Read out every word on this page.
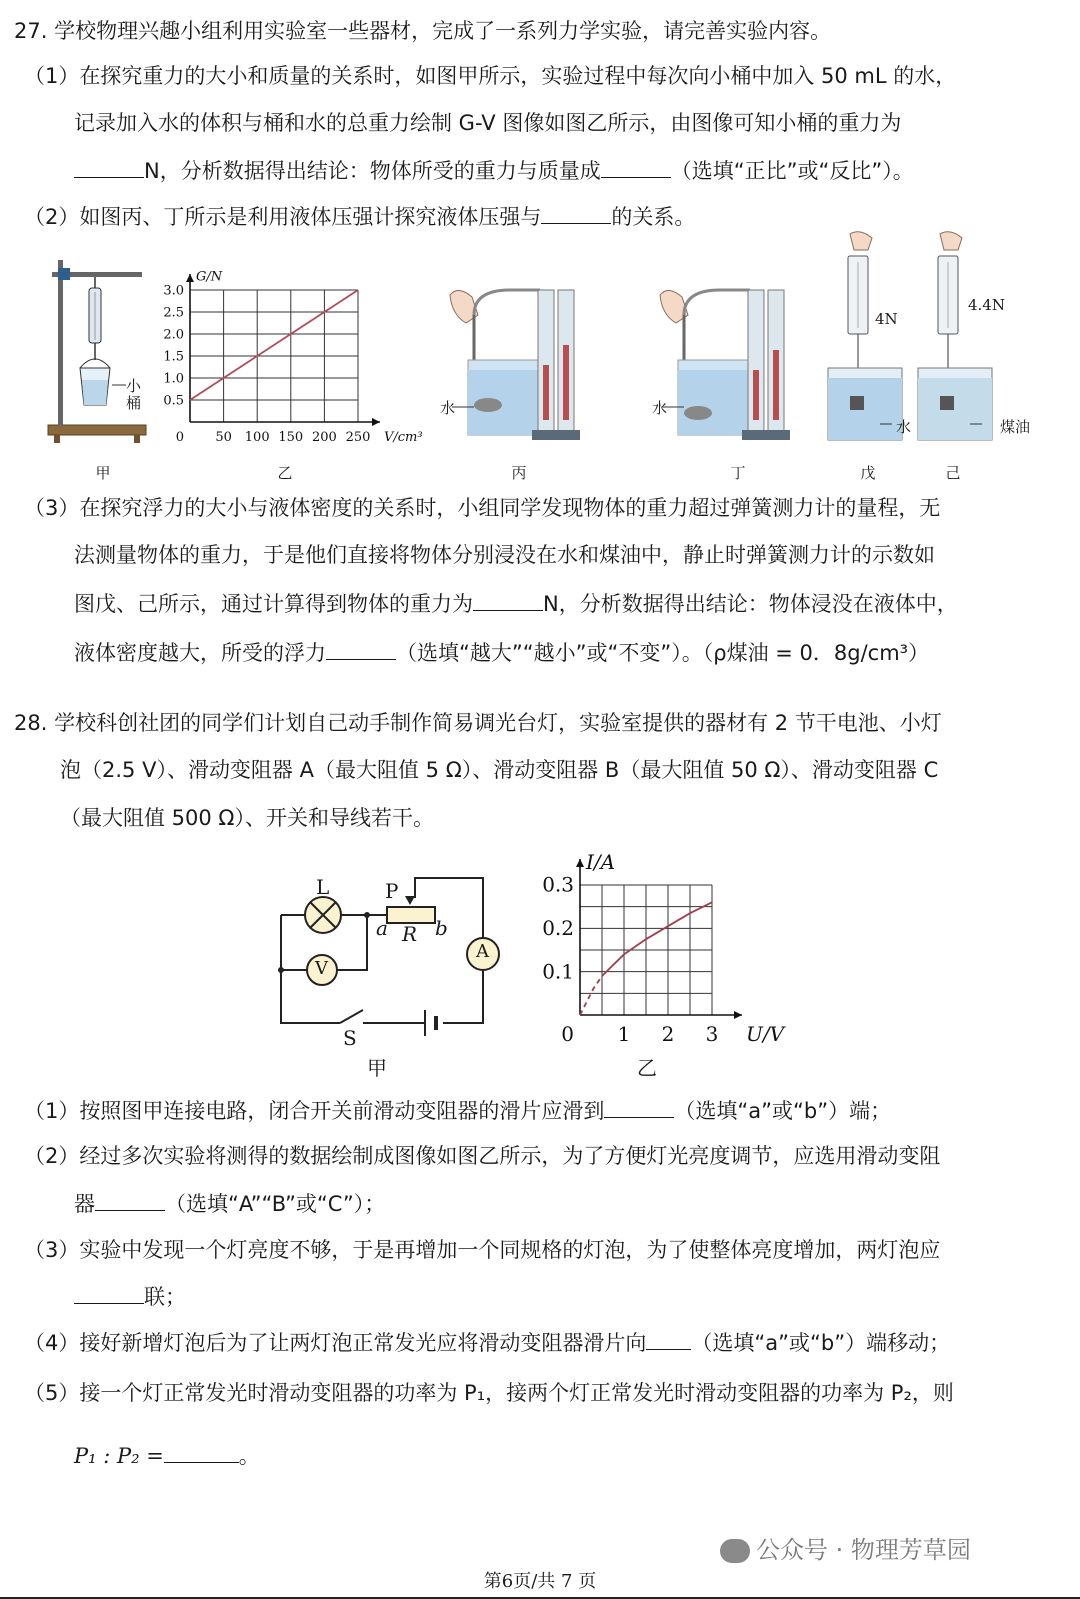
27. 学校物理兴趣小组利用实验室一些器材，完成了一系列力学实验，请完善实验内容。
（1）在探究重力的大小和质量的关系时，如图甲所示，实验过程中每次向小桶中加入 50 mL 的水，
记录加入水的体积与桶和水的总重力绘制 G-V 图像如图乙所示，由图像可知小桶的重力为
N，分析数据得出结论：物体所受的重力与质量成	（选填“正比”或“反比”）。
（2）如图丙、丁所示是利用液体压强计探究液体压强与	的关系。
小桶
甲
50 100 150 200 250
0.5
1.0
1.5
2.0
2.5
3.0
0	V/cm³
G/N
乙
水
丙
水
丁
4N
水
戊
4.4N
煤油
己
（3）在探究浮力的大小与液体密度的关系时，小组同学发现物体的重力超过弹簧测力计的量程，无
法测量物体的重力，于是他们直接将物体分别浸没在水和煤油中，静止时弹簧测力计的示数如
图戊、己所示，通过计算得到物体的重力为	N，分析数据得出结论：物体浸没在液体中，
液体密度越大，所受的浮力	（选填“越大”“越小”或“不变”）。（ρ煤油 = 0．8g/cm³）
28. 学校科创社团的同学们计划自己动手制作简易调光台灯，实验室提供的器材有 2 节干电池、小灯
泡（2.5 V）、滑动变阻器 A（最大阻值 5 Ω）、滑动变阻器 B（最大阻值 50 Ω）、滑动变阻器 C
（最大阻值 500 Ω）、开关和导线若干。
L	P
a R b
A
V
S
甲
1 2 3
0.1
0.2
0.3
0	U/V
I/A
乙
（1）按照图甲连接电路，闭合开关前滑动变阻器的滑片应滑到	（选填“a”或“b”）端；
（2）经过多次实验将测得的数据绘制成图像如图乙所示，为了方便灯光亮度调节，应选用滑动变阻
器	（选填“A”“B”或“C”）；
（3）实验中发现一个灯亮度不够，于是再增加一个同规格的灯泡，为了使整体亮度增加，两灯泡应
联；
（4）接好新增灯泡后为了让两灯泡正常发光应将滑动变阻器滑片向 （选填“a”或“b”）端移动；
（5）接一个灯正常发光时滑动变阻器的功率为 P₁，接两个灯正常发光时滑动变阻器的功率为 P₂，则
P₁ : P₂ =	。
公众号 · 物理芳草园
第6页/共 7 页
